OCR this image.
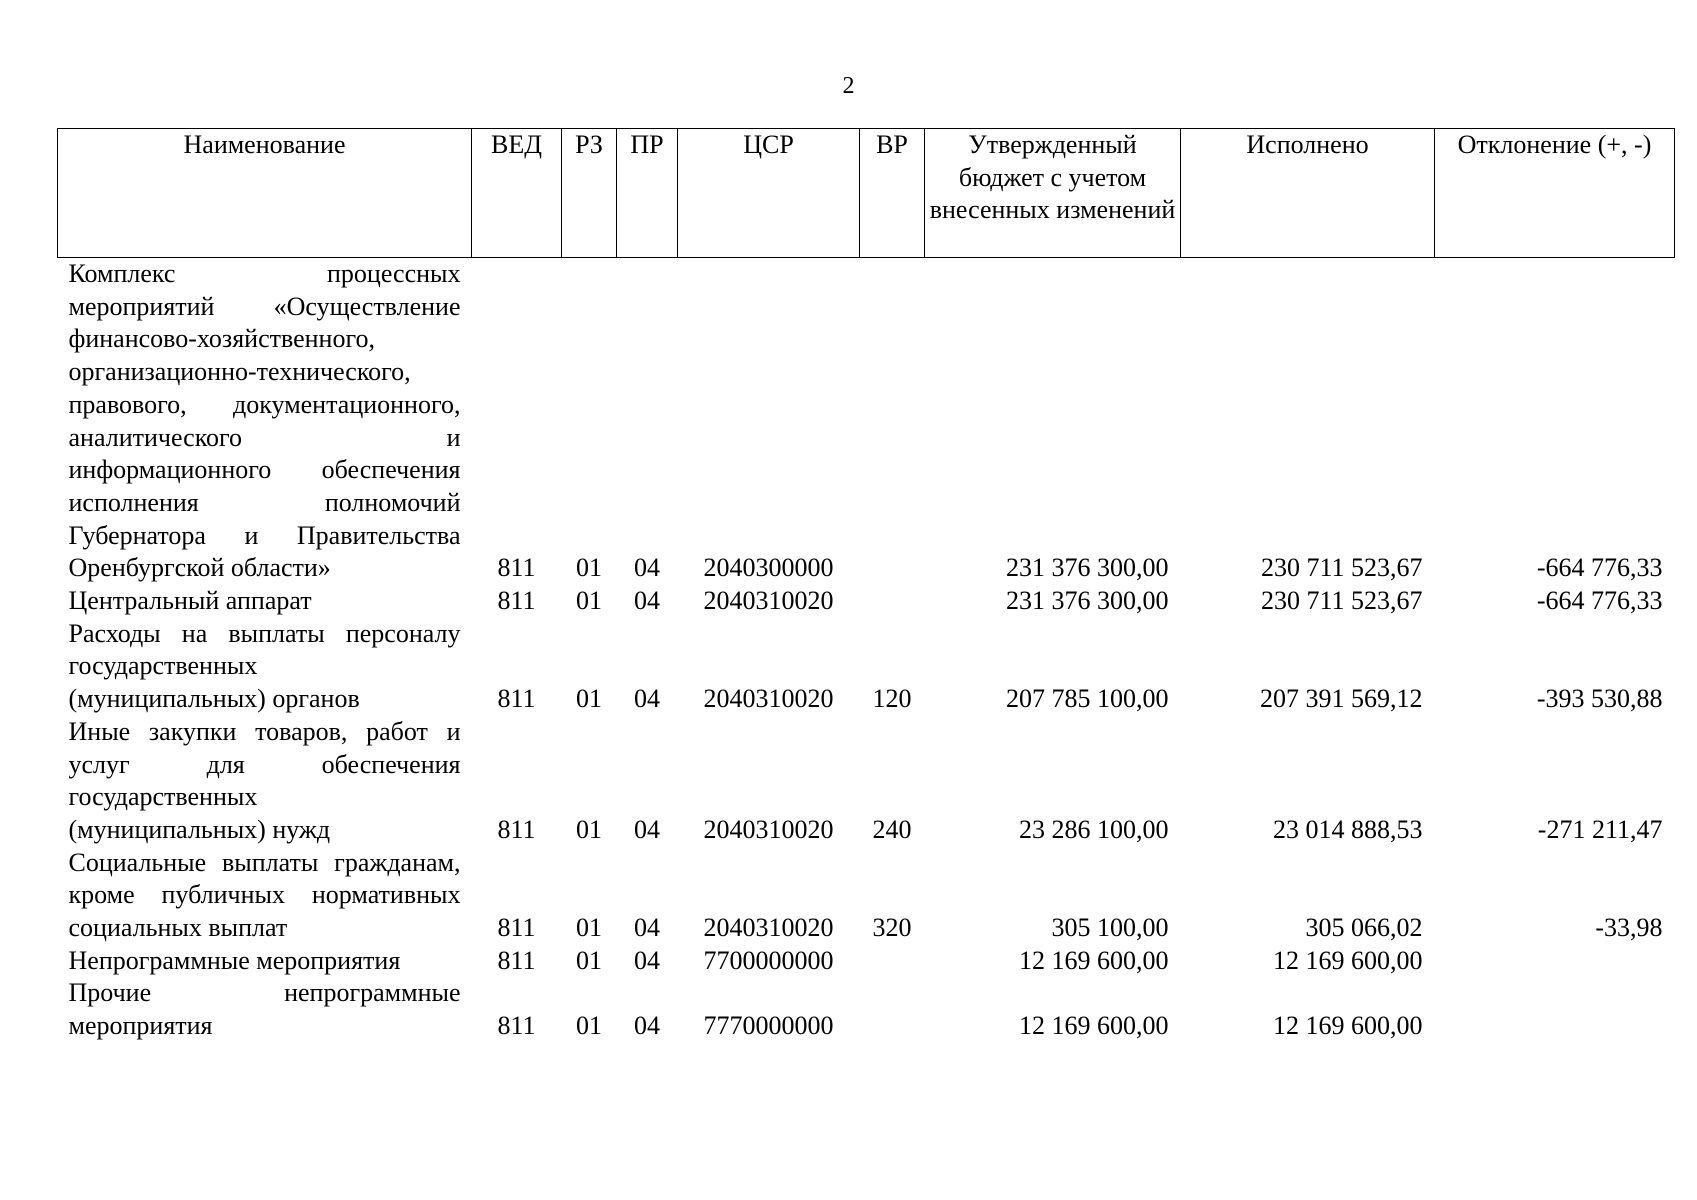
2
Наименование	ВЕД	РЗ	ПР	ЦСР	ВР	Утвержденный бюджет с учетом внесенных изменений	Исполнено	Отклонение (+, -)
Комплекс процессных мероприятий «Осуществление финансово-хозяйственного, организационно-технического, правового, документационного, аналитического и информационного обеспечения исполнения полномочий Губернатора и Правительства Оренбургской области»	811	01	04	2040300000		231 376 300,00	230 711 523,67	-664 776,33
Центральный аппарат	811	01	04	2040310020		231 376 300,00	230 711 523,67	-664 776,33
Расходы на выплаты персоналу государственных (муниципальных) органов	811	01	04	2040310020	120	207 785 100,00	207 391 569,12	-393 530,88
Иные закупки товаров, работ и услуг для обеспечения государственных (муниципальных) нужд	811	01	04	2040310020	240	23 286 100,00	23 014 888,53	-271 211,47
Социальные выплаты гражданам, кроме публичных нормативных социальных выплат	811	01	04	2040310020	320	305 100,00	305 066,02	-33,98
Непрограммные мероприятия	811	01	04	7700000000		12 169 600,00	12 169 600,00	
Прочие непрограммные мероприятия	811	01	04	7770000000		12 169 600,00	12 169 600,00	
